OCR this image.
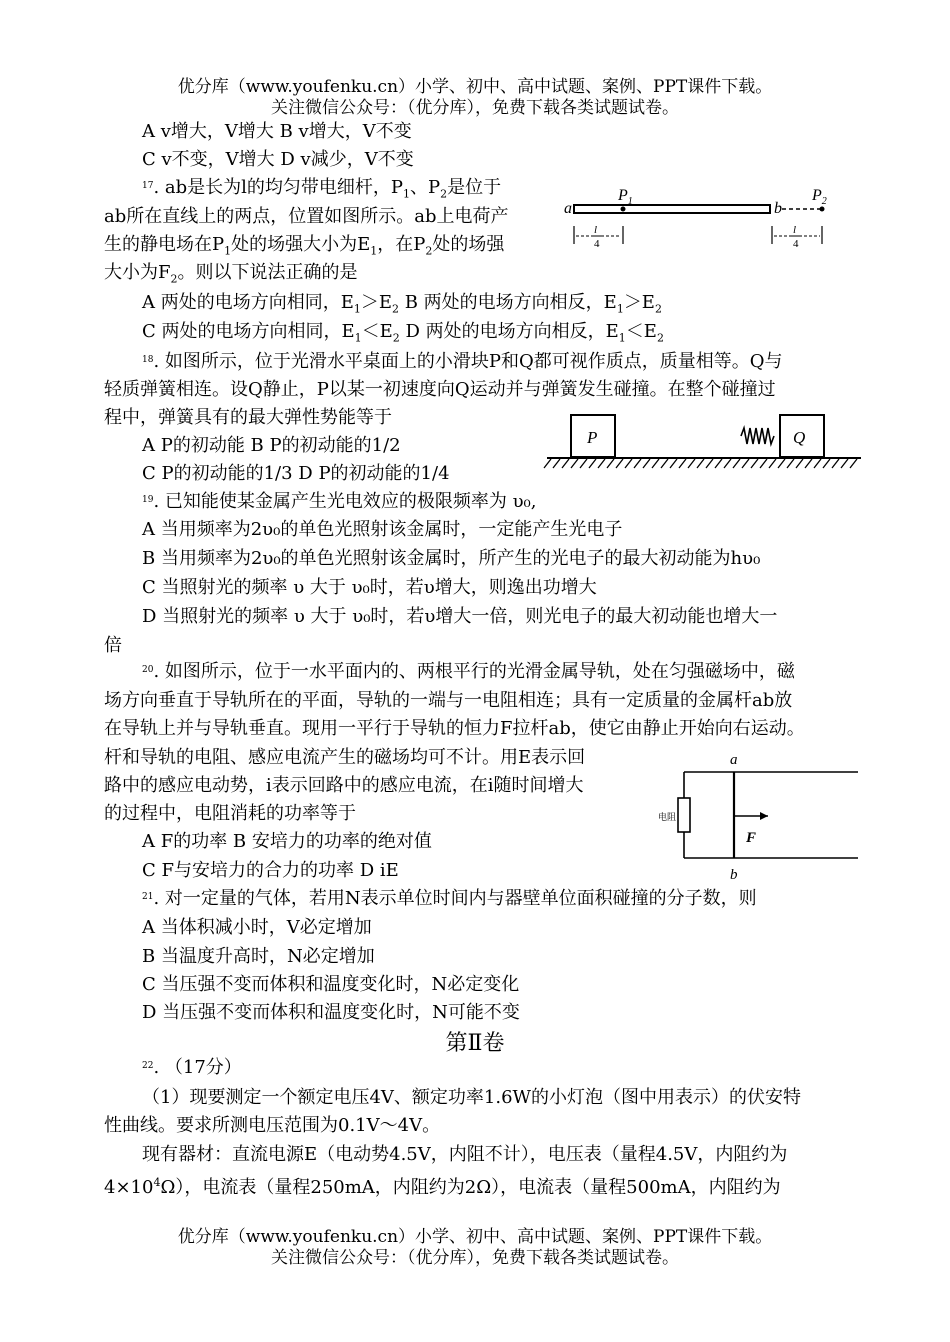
优分库（www.youfenku.cn）小学、初中、高中试题、案例、PPT课件下载。
关注微信公众号：（优分库），免费下载各类试题试卷。
A v增大，V增大 B v增大，V不变
C v不变，V增大 D v减少，V不变
$^{17}$. ab是长为l的均匀带电细杆，$P_1$、$P_2$是位于
ab所在直线上的两点，位置如图所示。ab上电荷产
生的静电场在$P_1$处的场强大小为$E_1$，在$P_2$处的场强
大小为$F_2$。则以下说法正确的是
A 两处的电场方向相同，$E_1>E_2$ B 两处的电场方向相反，$E_1>E_2$
C 两处的电场方向相同，$E_1<E_2$ D 两处的电场方向相反，$E_1<E_2$
a
$P_1$	b
$P_2$
l
4
l
4
$^{18}$. 如图所示，位于光滑水平桌面上的小滑块P和Q都可视作质点，质量相等。Q与
轻质弹簧相连。设Q静止，P以某一初速度向Q运动并与弹簧发生碰撞。在整个碰撞过
程中，弹簧具有的最大弹性势能等于
A P的初动能 B P的初动能的1/2
C P的初动能的1/3 D P的初动能的1/4
P	Q
$^{19}$. 已知能使某金属产生光电效应的极限频率为 υ₀,
A 当用频率为2υ₀的单色光照射该金属时，一定能产生光电子
B 当用频率为2υ₀的单色光照射该金属时，所产生的光电子的最大初动能为hυ₀
C 当照射光的频率 υ 大于 υ₀时，若υ增大，则逸出功增大
D 当照射光的频率 υ 大于 υ₀时，若υ增大一倍，则光电子的最大初动能也增大一
倍
$^{20}$. 如图所示，位于一水平面内的、两根平行的光滑金属导轨，处在匀强磁场中，磁
场方向垂直于导轨所在的平面，导轨的一端与一电阻相连；具有一定质量的金属杆ab放
在导轨上并与导轨垂直。现用一平行于导轨的恒力F拉杆ab，使它由静止开始向右运动。
杆和导轨的电阻、感应电流产生的磁场均可不计。用E表示回
路中的感应电动势，i表示回路中的感应电流，在i随时间增大
的过程中，电阻消耗的功率等于
A F的功率 B 安培力的功率的绝对值
C F与安培力的合力的功率 D iE
a
电阻
F
b
$^{21}$. 对一定量的气体，若用N表示单位时间内与器壁单位面积碰撞的分子数，则
A 当体积减小时，V必定增加
B 当温度升高时，N必定增加
C 当压强不变而体积和温度变化时，N必定变化
D 当压强不变而体积和温度变化时，N可能不变
第Ⅱ卷
$^{22}$. （17分）
（1）现要测定一个额定电压4V、额定功率1.6W的小灯泡（图中用表示）的伏安特
性曲线。要求所测电压范围为0.1V～4V。
现有器材：直流电源E（电动势4.5V，内阻不计），电压表（量程4.5V，内阻约为
$4\times 10^4\Omega$），电流表（量程250mA，内阻约为2Ω），电流表（量程500mA，内阻约为
优分库（www.youfenku.cn）小学、初中、高中试题、案例、PPT课件下载。
关注微信公众号：（优分库），免费下载各类试题试卷。
